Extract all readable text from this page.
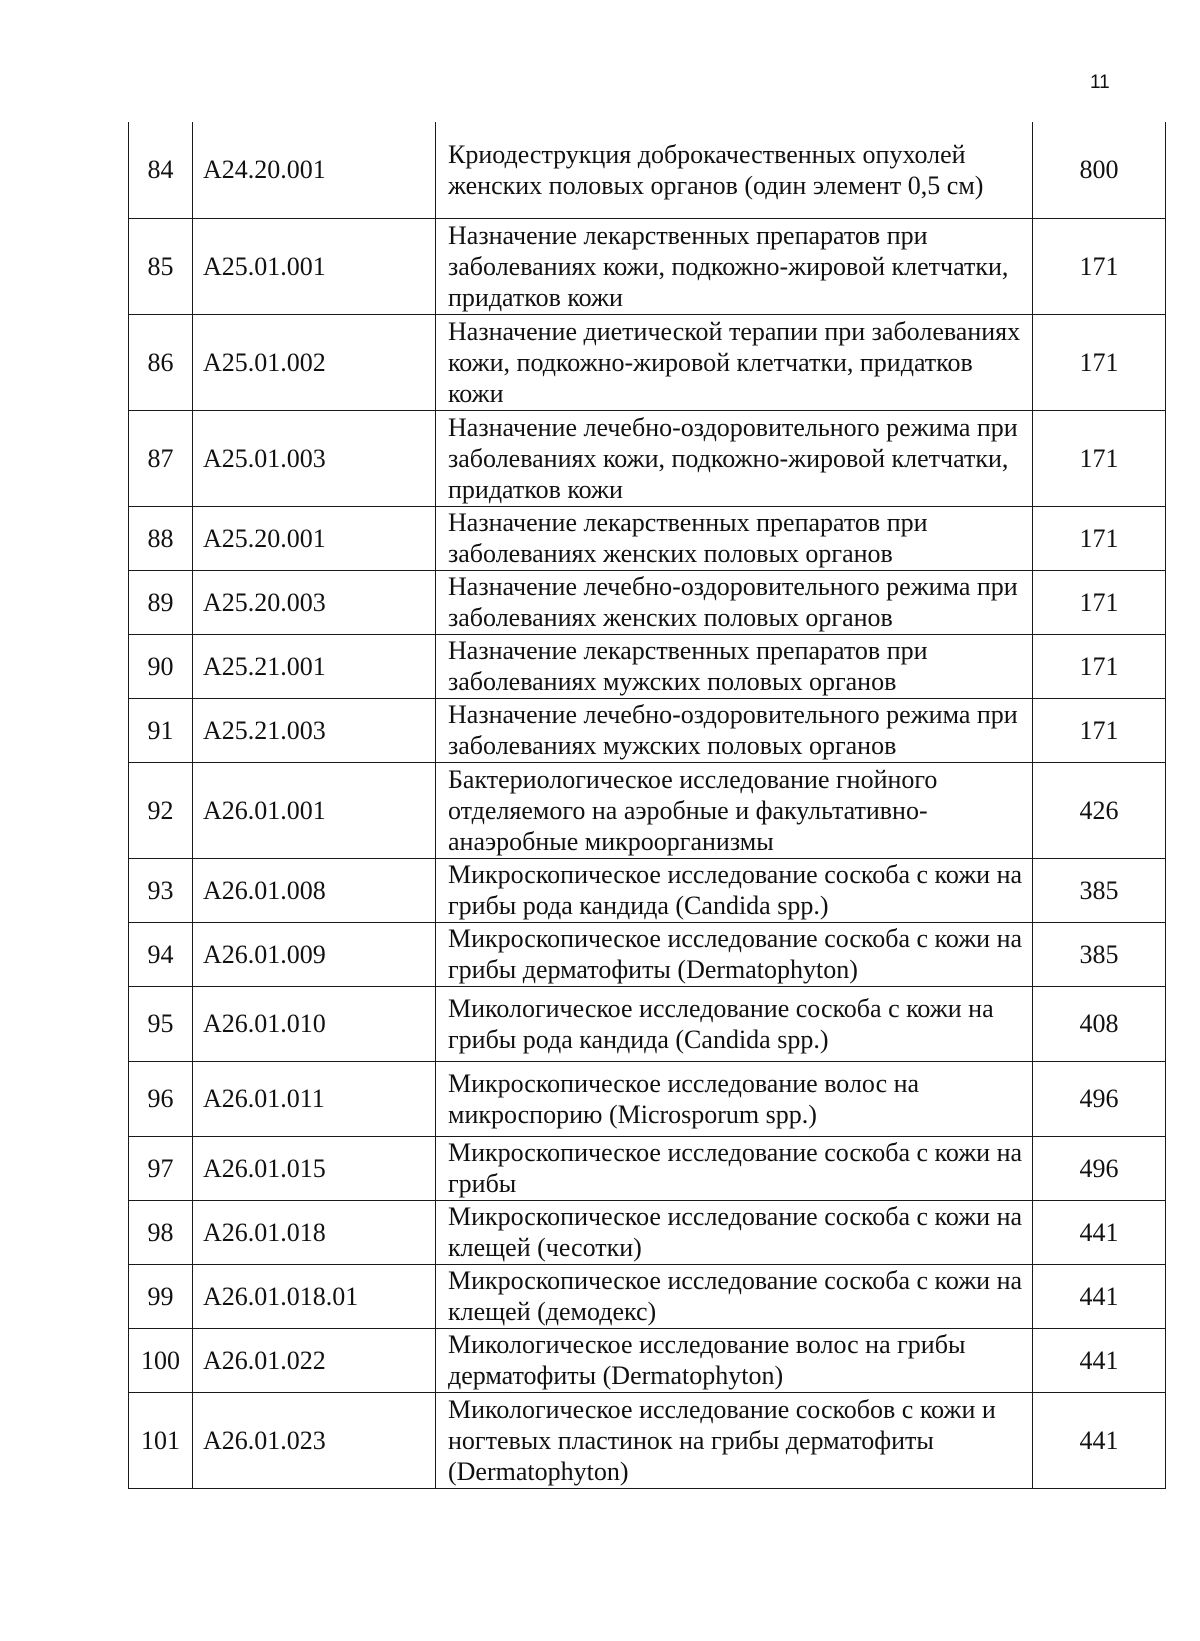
11
84	А24.20.001	Криодеструкция доброкачественных опухолей женских половых органов (один элемент 0,5 см)	800
85	А25.01.001	Назначение лекарственных препаратов при заболеваниях кожи, подкожно-жировой клетчатки, придатков кожи	171
86	А25.01.002	Назначение диетической терапии при заболеваниях кожи, подкожно-жировой клетчатки, придатков кожи	171
87	А25.01.003	Назначение лечебно-оздоровительного режима при заболеваниях кожи, подкожно-жировой клетчатки, придатков кожи	171
88	А25.20.001	Назначение лекарственных препаратов при заболеваниях женских половых органов	171
89	А25.20.003	Назначение лечебно-оздоровительного режима при заболеваниях женских половых органов	171
90	А25.21.001	Назначение лекарственных препаратов при заболеваниях мужских половых органов	171
91	А25.21.003	Назначение лечебно-оздоровительного режима при заболеваниях мужских половых органов	171
92	А26.01.001	Бактериологическое исследование гнойного отделяемого на аэробные и факультативно-анаэробные микроорганизмы	426
93	А26.01.008	Микроскопическое исследование соскоба с кожи на грибы рода кандида (Candida spp.)	385
94	А26.01.009	Микроскопическое исследование соскоба с кожи на грибы дерматофиты (Dermatophyton)	385
95	А26.01.010	Микологическое исследование соскоба с кожи на грибы рода кандида (Candida spp.)	408
96	А26.01.011	Микроскопическое исследование волос на микроспорию (Microsporum spp.)	496
97	А26.01.015	Микроскопическое исследование соскоба с кожи на грибы	496
98	А26.01.018	Микроскопическое исследование соскоба с кожи на клещей (чесотки)	441
99	А26.01.018.01	Микроскопическое исследование соскоба с кожи на клещей (демодекс)	441
100	А26.01.022	Микологическое исследование волос на грибы дерматофиты (Dermatophyton)	441
101	А26.01.023	Микологическое исследование соскобов с кожи и ногтевых пластинок на грибы дерматофиты (Dermatophyton)	441
